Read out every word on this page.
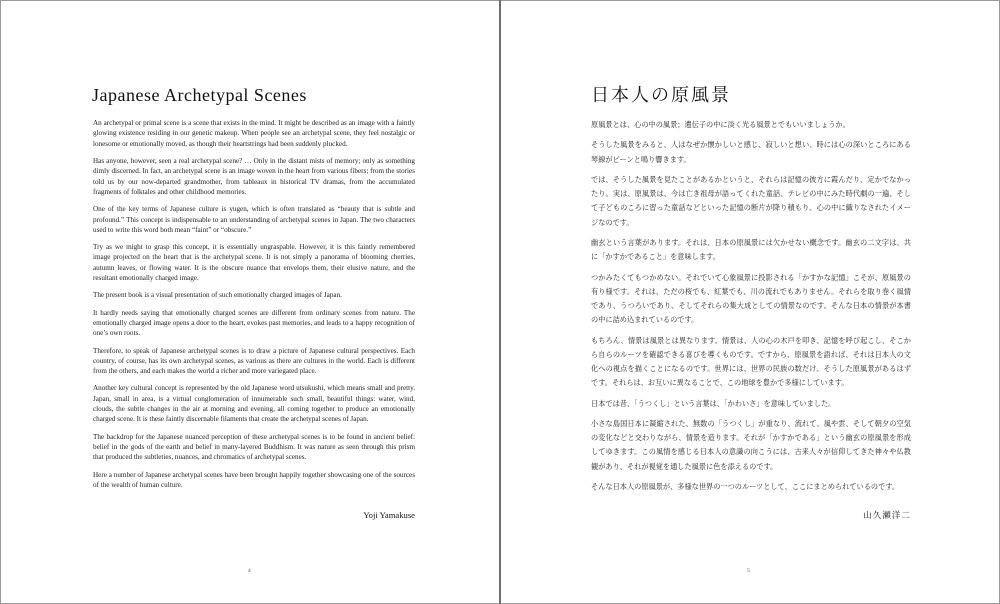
Japanese Archetypal Scenes

An archetypal or primal scene is a scene that exists in the mind. It might be described as an image with a faintly glowing existence residing in our genetic makeup. When people see an archetypal scene, they feel nostalgic or lonesome or emotionally moved, as though their heartstrings had been suddenly plucked.

Has anyone, however, seen a real archetypal scene? … Only in the distant mists of memory; only as something dimly discerned. In fact, an archetypal scene is an image woven in the heart from various fibers; from the stories told us by our now-departed grandmother, from tableaux in historical TV dramas, from the accumulated fragments of folktales and other childhood memories.

One of the key terms of Japanese culture is yugen, which is often translated as “beauty that is subtle and profound.” This concept is indispensable to an understanding of archetypal scenes in Japan. The two characters used to write this word both mean “faint” or “obscure.”

Try as we might to grasp this concept, it is essentially ungraspable. However, it is this faintly remembered image projected on the heart that is the archetypal scene. It is not simply a panorama of blooming cherries, autumn leaves, or flowing water. It is the obscure nuance that envelops them, their elusive nature, and the resultant emotionally charged image.

The present book is a visual presentation of such emotionally charged images of Japan.

It hardly needs saying that emotionally charged scenes are different from ordinary scenes from nature. The emotionally charged image opens a door to the heart, evokes past memories, and leads to a happy recognition of one’s own roots.

Therefore, to speak of Japanese archetypal scenes is to draw a picture of Japanese cultural perspectives. Each country, of course, has its own archetypal scenes, as various as there are cultures in the world. Each is different from the others, and each makes the world a richer and more variegated place.

Another key cultural concept is represented by the old Japanese word utsukushi, which means small and pretty. Japan, small in area, is a virtual conglomeration of innumerable such small, beautiful things: water, wind, clouds, the subtle changes in the air at morning and evening, all coming together to produce an emotionally charged scene. It is these faintly discernable filaments that create the archetypal scenes of Japan.

The backdrop for the Japanese nuanced perception of these archetypal scenes is to be found in ancient belief: belief in the gods of the earth and belief in many-layered Buddhism. It was nature as seen through this prism that produced the subtleties, nuances, and chromatics of archetypal scenes.

Here a number of Japanese archetypal scenes have been brought happily together showcasing one of the sources of the wealth of human culture.

Yoji Yamakuse
4
日本人の原風景

原風景とは、心の中の風景；遺伝子の中に淡く光る風景とでもいいましょうか。

そうした風景をみると、人はなぜか懐かしいと感じ、寂しいと想い、時には心の深いところにある琴線がピーンと鳴り響きます。

では、そうした風景を見たことがあるかというと、それらは記憶の彼方に霞んだり、定かでなかったり。実は、原風景は、今は亡き祖母が語ってくれた童話、テレビの中にみた時代劇の一遍、そして子どものころに習った童話などといった記憶の断片が降り積もり、心の中に織りなされたイメージなのです。

幽玄という言葉があります。それは、日本の原風景には欠かせない概念です。幽玄の二文字は、共に「かすかであること」を意味します。

つかみたくてもつかめない。それでいて心象風景に投影される「かすかな記憶」こそが、原風景の有り様です。それは、ただの桜でも、紅葉でも、川の流れでもありません。それらを取り巻く風情であり、うつろいであり、そしてそれらの集大成としての情景なのです。そんな日本の情景が本書の中に詰め込まれているのです。

もちろん、情景は風景とは異なります。情景は、人の心の木戸を叩き、記憶を呼び起こし、そこから自らのルーツを確認できる喜びを導くものです。ですから、原風景を語れば、それは日本人の文化への視点を描くことになるのです。世界には、世界の民族の数だけ、そうした原風景があるはずです。それらは、お互いに異なることで、この地球を豊かで多様にしています。

日本では昔、「うつくし」という言葉は、「かわいさ」を意味していました。

小さな島国日本に凝縮された、無数の「うつくし」が重なり、流れて、風や雲、そして朝夕の空気の変化などと交わりながら、情景を造ります。それが「かすかである」という幽玄の原風景を形成してゆきます。この風情を感じる日本人の意識の向こうには、古来人々が信仰してきた神々や仏教観があり、それが視覚を通した風景に色を添えるのです。

そんな日本人の原風景が、多様な世界の一つのルーツとして、ここにまとめられているのです。

山久瀬洋二
5
